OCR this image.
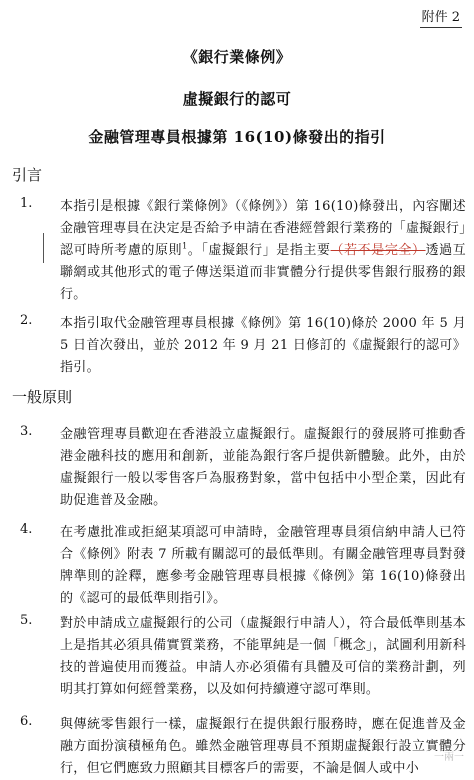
附件 2
《銀行業條例》
虛擬銀行的認可
金融管理專員根據第 16(10)條發出的指引
引言
1. 本指引是根據《銀行業條例》（《條例》）第 16(10)條發出，內容闡述金融管理專員在決定是否給予申請在香港經營銀行業務的「虛擬銀行」認可時所考慮的原則$^1$。「虛擬銀行」是指主要（若不是完全）透過互聯網或其他形式的電子傳送渠道而非實體分行提供零售銀行服務的銀行。
2. 本指引取代金融管理專員根據《條例》第 16(10)條於 2000 年 5 月 5 日首次發出，並於 2012 年 9 月 21 日修訂的《虛擬銀行的認可》指引。
一般原則
3. 金融管理專員歡迎在香港設立虛擬銀行。虛擬銀行的發展將可推動香港金融科技的應用和創新，並能為銀行客戶提供新體驗。此外，由於虛擬銀行一般以零售客戶為服務對象，當中包括中小型企業，因此有助促進普及金融。
4. 在考慮批准或拒絕某項認可申請時，金融管理專員須信納申請人已符合《條例》附表 7 所載有關認可的最低準則。有關金融管理專員對發牌準則的詮釋，應參考金融管理專員根據《條例》第 16(10)條發出的《認可的最低準則指引》。
5. 對於申請成立虛擬銀行的公司（虛擬銀行申請人），符合最低準則基本上是指其必須具備實質業務，不能單純是一個「概念」，試圖利用新科技的普遍使用而獲益。申請人亦必須備有具體及可信的業務計劃，列明其打算如何經營業務，以及如何持續遵守認可準則。
6. 與傳統零售銀行一樣，虛擬銀行在提供銀行服務時，應在促進普及金融方面扮演積極角色。雖然金融管理專員不預期虛擬銀行設立實體分行，但它們應致力照顧其目標客戶的需要，不論是個人或中小
一兩一
